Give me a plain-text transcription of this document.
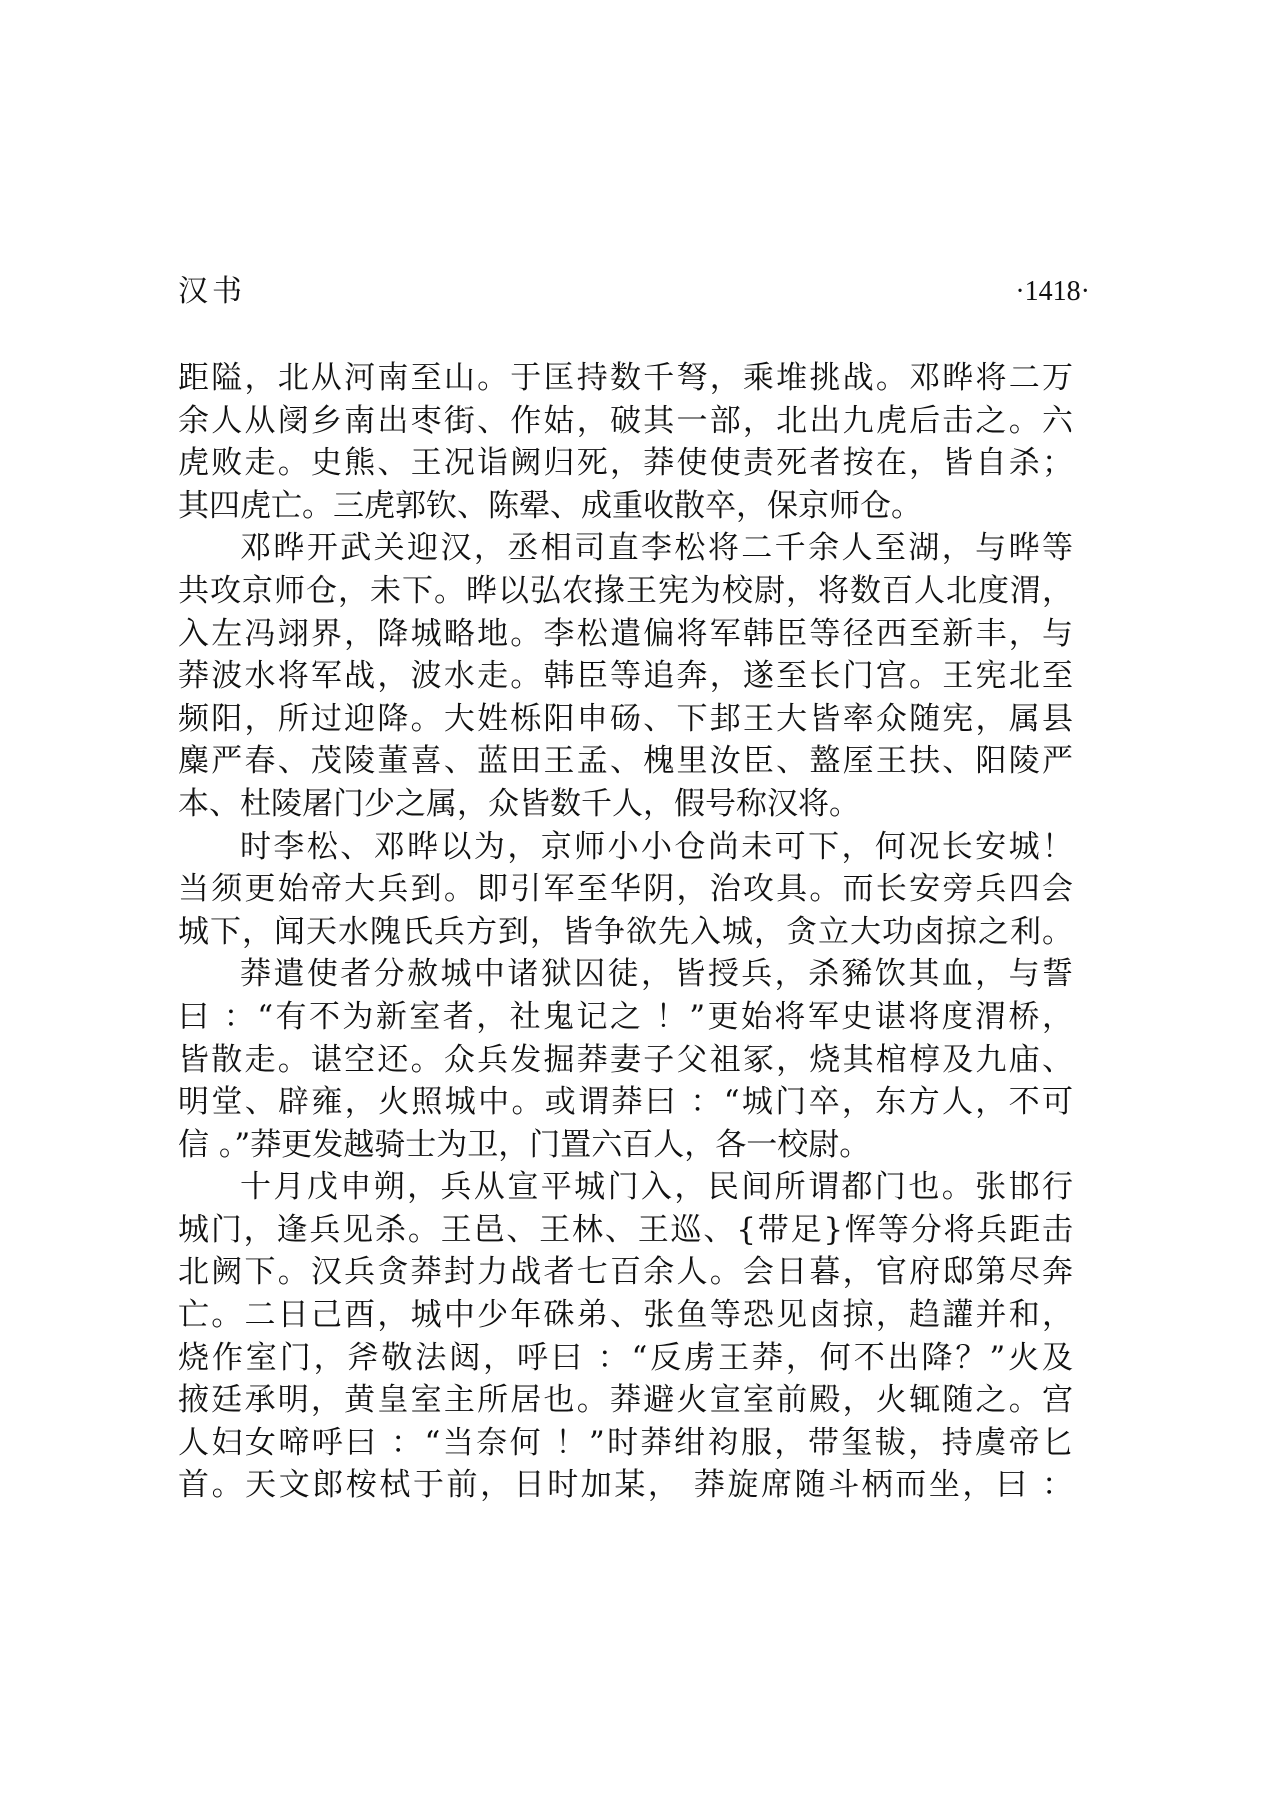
汉书	·1418·
距隘，北从河南至山。于匡持数千弩，乘堆挑战。邓晔将二万
余人从阌乡南出枣街、作姑，破其一部，北出九虎后击之。六
虎败走。史熊、王况诣阙归死，莽使使责死者按在，皆自杀；
其四虎亡。三虎郭钦、陈翚、成重收散卒，保京师仓。
邓晔开武关迎汉，丞相司直李松将二千余人至湖，与晔等
共攻京师仓，未下。晔以弘农掾王宪为校尉，将数百人北度渭，
入左冯翊界，降城略地。李松遣偏将军韩臣等径西至新丰，与
莽波水将军战，波水走。韩臣等追奔，遂至长门宫。王宪北至
频阳，所过迎降。大姓栎阳申砀、下邽王大皆率众随宪，属县
麋严春、茂陵董喜、蓝田王孟、槐里汝臣、盩厔王扶、阳陵严
本、杜陵屠门少之属，众皆数千人，假号称汉将。
时李松、邓晔以为，京师小小仓尚未可下，何况长安城！
当须更始帝大兵到。即引军至华阴，治攻具。而长安旁兵四会
城下，闻天水隗氏兵方到，皆争欲先入城，贪立大功卤掠之利。
莽遣使者分赦城中诸狱囚徒，皆授兵，杀豨饮其血，与誓
曰 ：“有不为新室者，社鬼记之 ！”更始将军史谌将度渭桥，
皆散走。谌空还。众兵发掘莽妻子父祖冢，烧其棺椁及九庙、
明堂、辟雍，火照城中。或谓莽曰 ：“城门卒，东方人，不可
信 。”莽更发越骑士为卫，门置六百人，各一校尉。
十月戊申朔，兵从宣平城门入，民间所谓都门也。张邯行
城门，逢兵见杀。王邑、王林、王巡、{带足}恽等分将兵距击
北阙下。汉兵贪莽封力战者七百余人。会日暮，官府邸第尽奔
亡。二日己酉，城中少年硃弟、张鱼等恐见卤掠，趋讙并和，
烧作室门，斧敬法闼，呼曰 ：“反虏王莽，何不出降？”火及
掖廷承明，黄皇室主所居也。莽避火宣室前殿，火辄随之。宫
人妇女啼呼曰 ：“当奈何 ！”时莽绀袀服，带玺韨，持虞帝匕
首。天文郎桉栻于前，日时加某， 莽旋席随斗柄而坐，曰 ：
